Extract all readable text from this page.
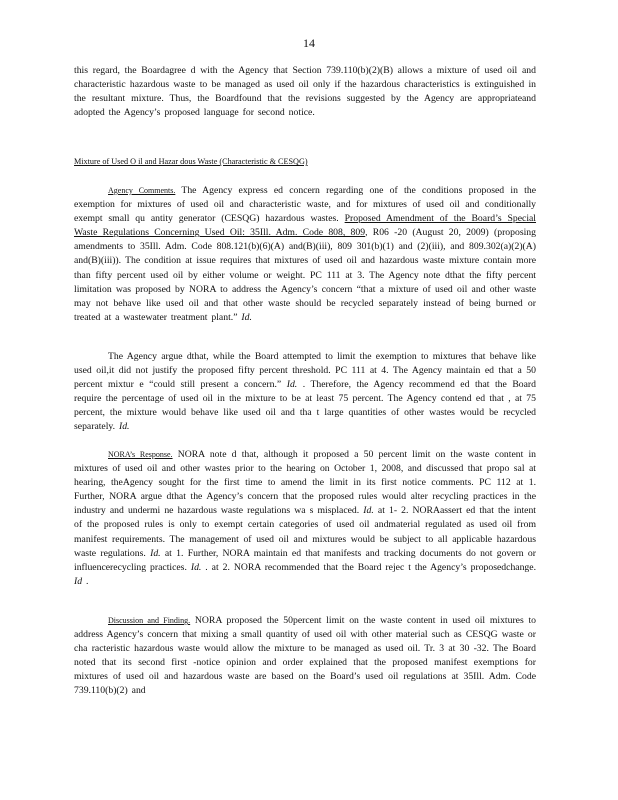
14

this regard, the Boardagree d with the Agency that Section 739.110(b)(2)(B) allows a mixture of used oil and characteristic hazardous waste to be managed as used oil only if the hazardous characteristics is extinguished in the resultant mixture. Thus, the Boardfound that the revisions suggested by the Agency are appropriateand adopted the Agency’s proposed language for second notice.

Mixture of Used O il and Hazar dous Waste (Characteristic & CESQG)

Agency Comments. The Agency express ed concern regarding one of the conditions proposed in the exemption for mixtures of used oil and characteristic waste, and for mixtures of used oil and conditionally exempt small qu antity generator (CESQG) hazardous wastes. Proposed Amendment of the Board’s Special Waste Regulations Concerning Used Oil: 35Ill. Adm. Code 808, 809, R06 -20 (August 20, 2009) (proposing amendments to 35Ill. Adm. Code 808.121(b)(6)(A) and(B)(iii), 809 301(b)(1) and (2)(iii), and 809.302(a)(2)(A) and(B)(iii)). The condition at issue requires that mixtures of used oil and hazardous waste mixture contain more than fifty percent used oil by either volume or weight. PC 111 at 3. The Agency note dthat the fifty percent limitation was proposed by NORA to address the Agency’s concern “that a mixture of used oil and other waste may not behave like used oil and that other waste should be recycled separately instead of being burned or treated at a wastewater treatment plant.” Id.

The Agency argue dthat, while the Board attempted to limit the exemption to mixtures that behave like used oil,it did not justify the proposed fifty percent threshold. PC 111 at 4. The Agency maintain ed that a 50 percent mixtur e “could still present a concern.” Id. . Therefore, the Agency recommend ed that the Board require the percentage of used oil in the mixture to be at least 75 percent. The Agency contend ed that , at 75 percent, the mixture would behave like used oil and tha t large quantities of other wastes would be recycled separately. Id.

NORA’s Response. NORA note d that, although it proposed a 50 percent limit on the waste content in mixtures of used oil and other wastes prior to the hearing on October 1, 2008, and discussed that propo sal at hearing, theAgency sought for the first time to amend the limit in its first notice comments. PC 112 at 1. Further, NORA argue dthat the Agency’s concern that the proposed rules would alter recycling practices in the industry and undermi ne hazardous waste regulations wa s misplaced. Id. at 1- 2. NORAassert ed that the intent of the proposed rules is only to exempt certain categories of used oil andmaterial regulated as used oil from manifest requirements. The management of used oil and mixtures would be subject to all applicable hazardous waste regulations. Id. at 1. Further, NORA maintain ed that manifests and tracking documents do not govern or influencerecycling practices. Id. . at 2. NORA recommended that the Board rejec t the Agency’s proposedchange. Id .

Discussion and Finding. NORA proposed the 50percent limit on the waste content in used oil mixtures to address Agency’s concern that mixing a small quantity of used oil with other material such as CESQG waste or cha racteristic hazardous waste would allow the mixture to be managed as used oil. Tr. 3 at 30 -32. The Board noted that its second first -notice opinion and order explained that the proposed manifest exemptions for mixtures of used oil and hazardous waste are based on the Board’s used oil regulations at 35Ill. Adm. Code 739.110(b)(2) and
